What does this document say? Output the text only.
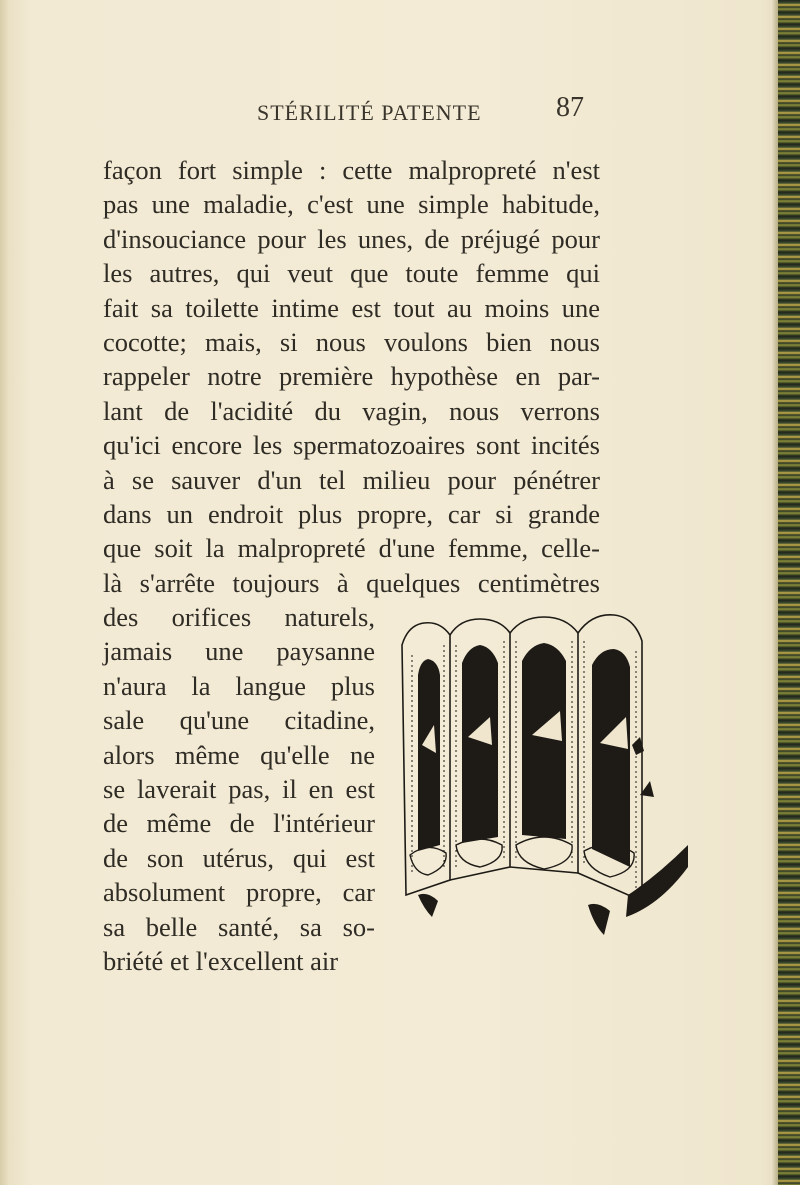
STÉRILITÉ PATENTE	87
façon fort simple : cette malpropreté n'est
pas une maladie, c'est une simple habitude,
d'insouciance pour les unes, de préjugé pour
les autres, qui veut que toute femme qui
fait sa toilette intime est tout au moins une
cocotte; mais, si nous voulons bien nous
rappeler notre première hypothèse en par-
lant de l'acidité du vagin, nous verrons
qu'ici encore les spermatozoaires sont incités
à se sauver d'un tel milieu pour pénétrer
dans un endroit plus propre, car si grande
que soit la malpropreté d'une femme, celle-
là s'arrête toujours à quelques centimètres
des orifices naturels,
jamais une paysanne
n'aura la langue plus
sale qu'une citadine,
alors même qu'elle ne
se laverait pas, il en est
de même de l'intérieur
de son utérus, qui est
absolument propre, car
sa belle santé, sa so-
briété et l'excellent air
